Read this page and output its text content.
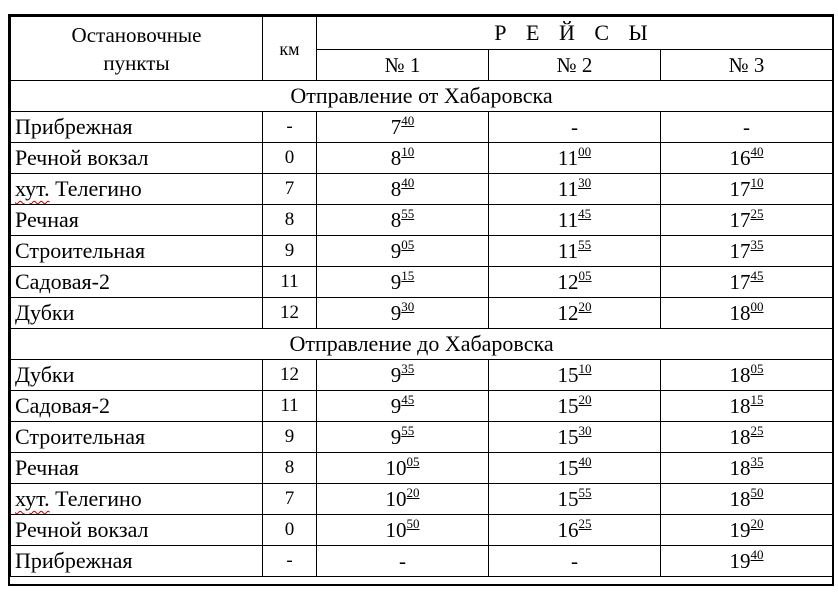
Остановочные
пункты	км	Р Е Й С Ы		
		№ 1	№ 2	№ 3
Отправление от Хабаровска				
Прибрежная	-	$7^{40}$	-	-
Речной вокзал	0	$8^{10}$	$11^{00}$	$16^{40}$
хут. Телегино	7	$8^{40}$	$11^{30}$	$17^{10}$
Речная	8	$8^{55}$	$11^{45}$	$17^{25}$
Строительная	9	$9^{05}$	$11^{55}$	$17^{35}$
Садовая-2	11	$9^{15}$	$12^{05}$	$17^{45}$
Дубки	12	$9^{30}$	$12^{20}$	$18^{00}$
Отправление до Хабаровска				
Дубки	12	$9^{35}$	$15^{10}$	$18^{05}$
Садовая-2	11	$9^{45}$	$15^{20}$	$18^{15}$
Строительная	9	$9^{55}$	$15^{30}$	$18^{25}$
Речная	8	$10^{05}$	$15^{40}$	$18^{35}$
хут. Телегино	7	$10^{20}$	$15^{55}$	$18^{50}$
Речной вокзал	0	$10^{50}$	$16^{25}$	$19^{20}$
Прибрежная	-	-	-	$19^{40}$
